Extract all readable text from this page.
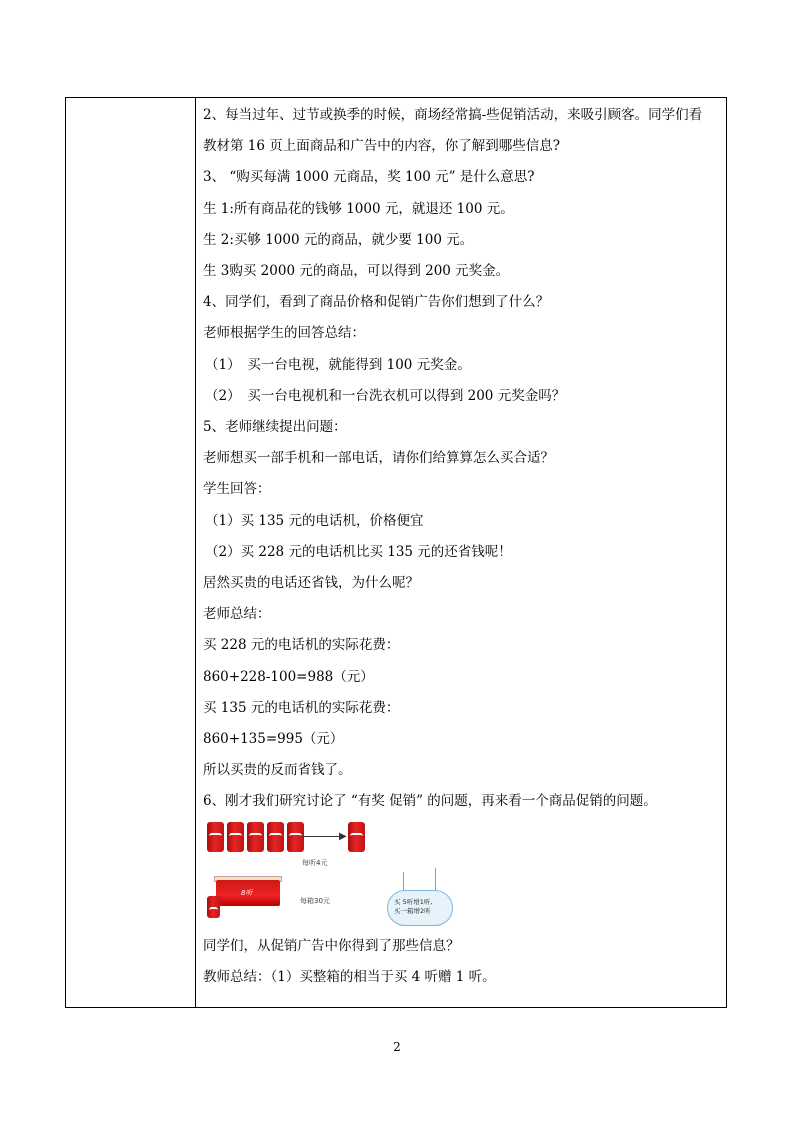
2、每当过年、过节或换季的时候，商场经常搞-些促销活动，来吸引顾客。同学们看
教材第 16 页上面商品和广告中的内容，你了解到哪些信息?
3、 “购买每满 1000 元商品，奖 100 元” 是什么意思?
生 1:所有商品花的钱够 1000 元，就退还 100 元。
生 2:买够 1000 元的商品，就少要 100 元。
生 3购买 2000 元的商品，可以得到 200 元奖金。
4、同学们，看到了商品价格和促销广告你们想到了什么？
老师根据学生的回答总结：
（1）　买一台电视，就能得到 100 元奖金。
（2）　买一台电视机和一台洗衣机可以得到 200 元奖金吗？
5、老师继续提出问题：
老师想买一部手机和一部电话，请你们给算算怎么买合适？
学生回答：
（1）买 135 元的电话机，价格便宜
（2）买 228 元的电话机比买 135 元的还省钱呢！
居然买贵的电话还省钱，为什么呢？
老师总结：
买 228 元的电话机的实际花费：
860+228-100=988（元）
买 135 元的电话机的实际花费：
860+135=995（元）
所以买贵的反而省钱了。
6、刚才我们研究讨论了 “有奖 促销” 的问题，再来看一个商品促销的问题。
▶
每听4元
8听
每箱30元	买 5听增1听,
买一箱增2听
同学们，从促销广告中你得到了那些信息？
教师总结：（1）买整箱的相当于买 4 听赠 1 听。
2
